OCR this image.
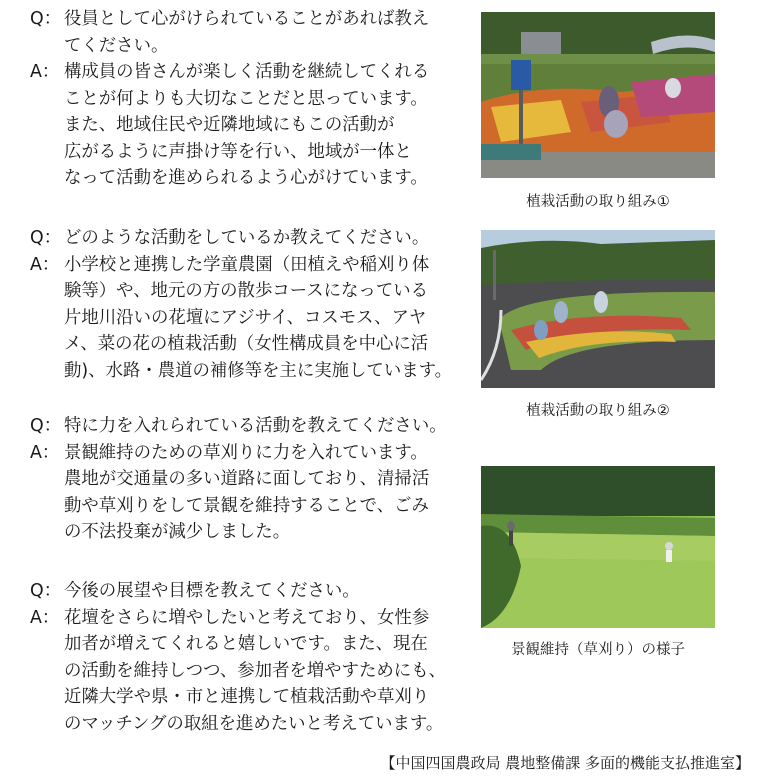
Q： 役員として心がけられていることがあれば教え
てください。
A： 構成員の皆さんが楽しく活動を継続してくれる
ことが何よりも大切なことだと思っています。
また、地域住民や近隣地域にもこの活動が
広がるように声掛け等を行い、地域が一体と
なって活動を進められるよう心がけています。
Q： どのような活動をしているか教えてください。
A： 小学校と連携した学童農園（田植えや稲刈り体
験等）や、地元の方の散歩コースになっている
片地川沿いの花壇にアジサイ、コスモス、アヤ
メ、菜の花の植栽活動（女性構成員を中心に活
動)、水路・農道の補修等を主に実施しています。
Q： 特に力を入れられている活動を教えてください。
A： 景観維持のための草刈りに力を入れています。
農地が交通量の多い道路に面しており、清掃活
動や草刈りをして景観を維持することで、ごみ
の不法投棄が減少しました。
Q： 今後の展望や目標を教えてください。
A： 花壇をさらに増やしたいと考えており、女性参
加者が増えてくれると嬉しいです。また、現在
の活動を維持しつつ、参加者を増やすためにも、
近隣大学や県・市と連携して植栽活動や草刈り
のマッチングの取組を進めたいと考えています。
植栽活動の取り組み①
植栽活動の取り組み②
景観維持（草刈り）の様子
【中国四国農政局 農地整備課 多面的機能支払推進室】
